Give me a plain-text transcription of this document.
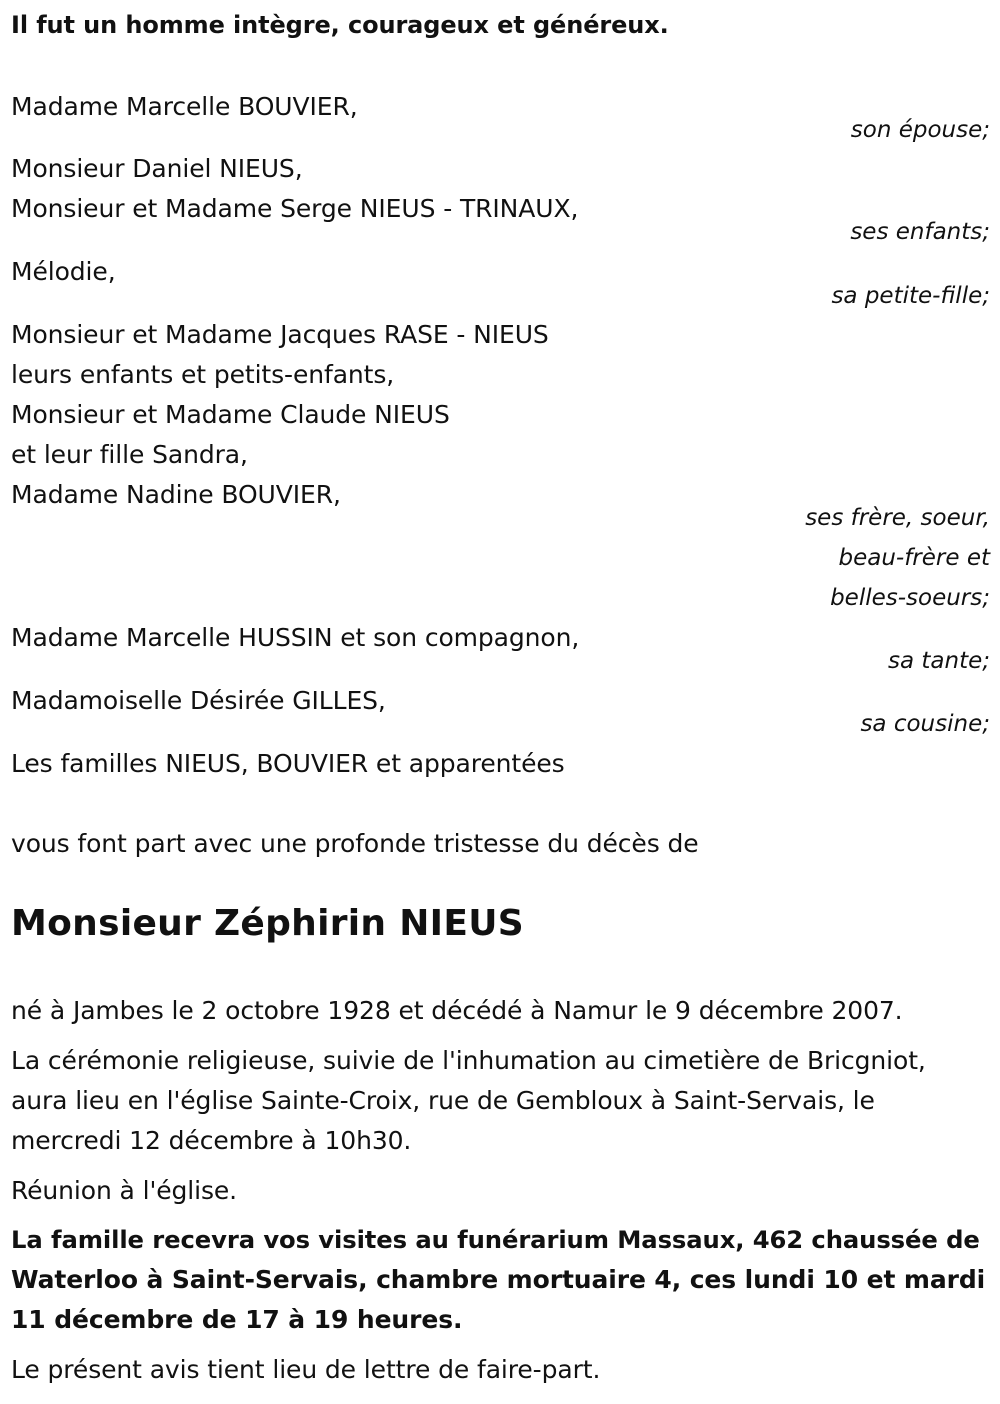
Il fut un homme intègre, courageux et généreux.
Madame Marcelle BOUVIER,
son épouse;
Monsieur Daniel NIEUS,
Monsieur et Madame Serge NIEUS - TRINAUX,
ses enfants;
Mélodie,
sa petite-fille;
Monsieur et Madame Jacques RASE - NIEUS
leurs enfants et petits-enfants,
Monsieur et Madame Claude NIEUS
et leur fille Sandra,
Madame Nadine BOUVIER,
ses frère, soeur,
beau-frère et
belles-soeurs;
Madame Marcelle HUSSIN et son compagnon,
sa tante;
Madamoiselle Désirée GILLES,
sa cousine;
Les familles NIEUS, BOUVIER et apparentées
vous font part avec une profonde tristesse du décès de
Monsieur Zéphirin NIEUS
né à Jambes le 2 octobre 1928 et décédé à Namur le 9 décembre 2007.
La cérémonie religieuse, suivie de l'inhumation au cimetière de Bricgniot,
aura lieu en l'église Sainte-Croix, rue de Gembloux à Saint-Servais, le
mercredi 12 décembre à 10h30.
Réunion à l'église.
La famille recevra vos visites au funérarium Massaux, 462 chaussée de
Waterloo à Saint-Servais, chambre mortuaire 4, ces lundi 10 et mardi
11 décembre de 17 à 19 heures.
Le présent avis tient lieu de lettre de faire-part.
